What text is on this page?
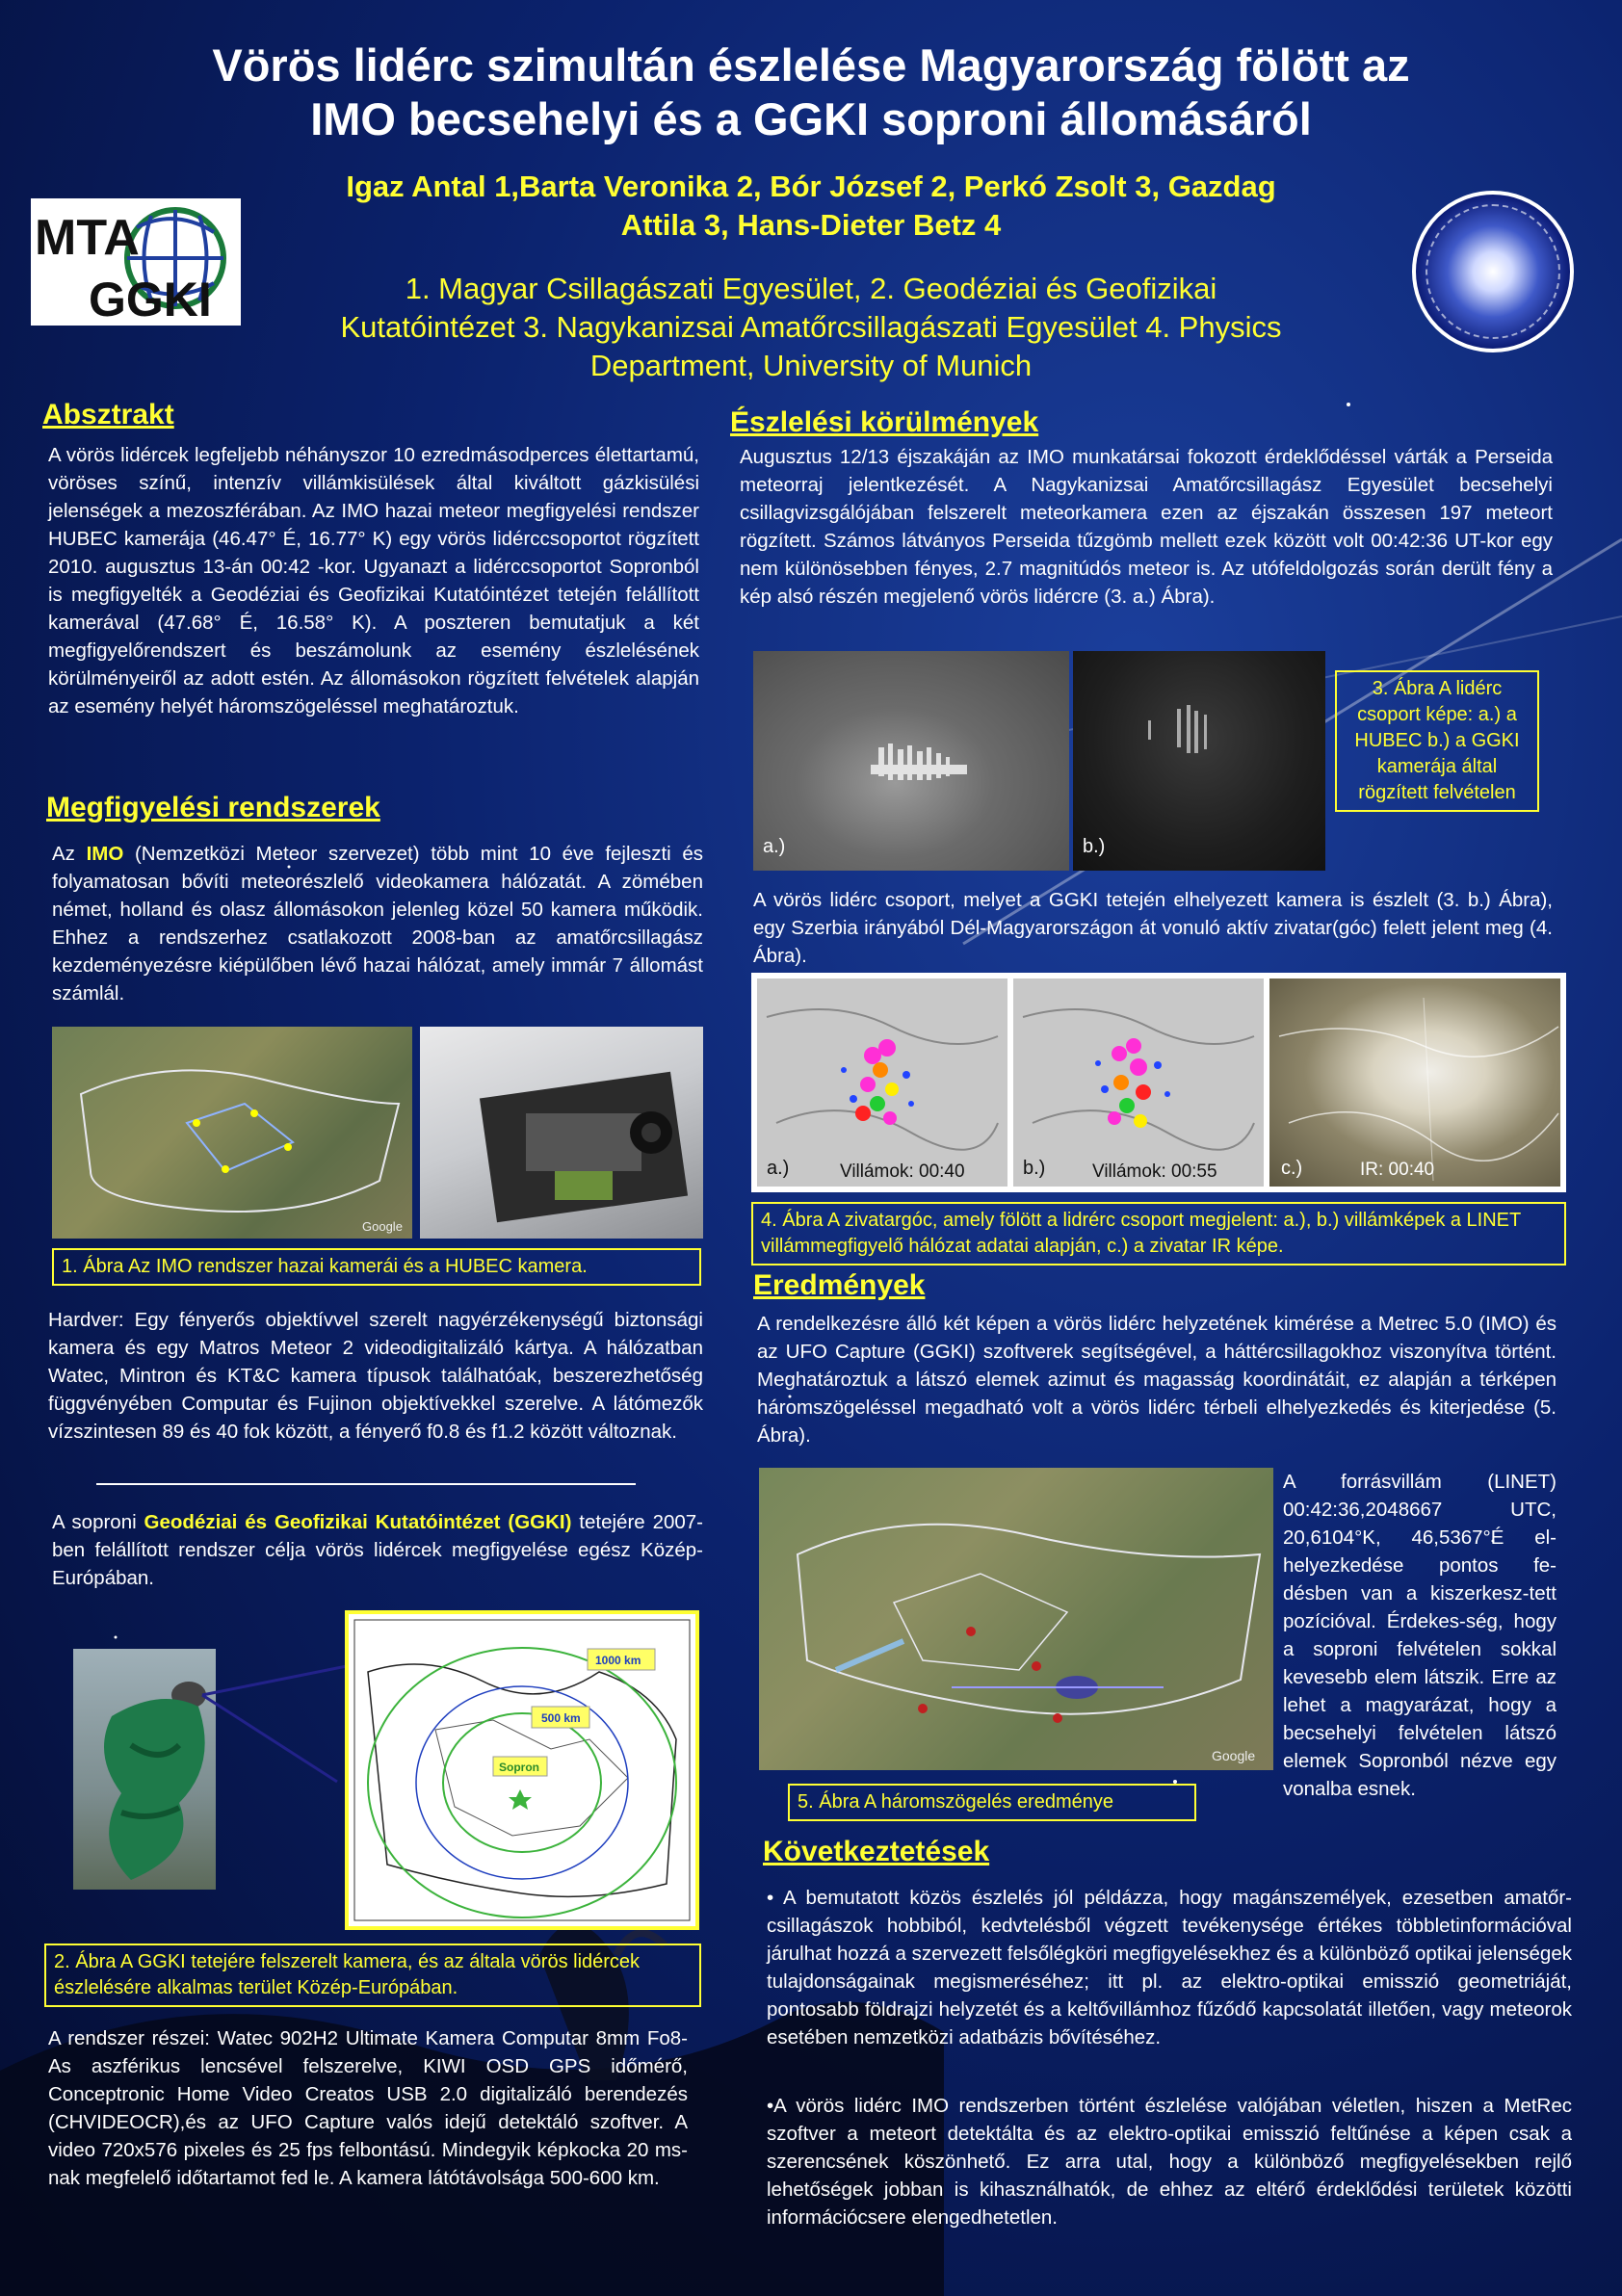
Vörös lidérc szimultán észlelése Magyarország fölött az
IMO becsehelyi és a GGKI soproni állomásáról
Igaz Antal 1,Barta Veronika 2, Bór József 2, Perkó Zsolt 3, Gazdag
Attila 3, Hans-Dieter Betz 4
1. Magyar Csillagászati Egyesület, 2. Geodéziai és Geofizikai
Kutatóintézet 3. Nagykanizsai Amatőrcsillagászati Egyesület 4. Physics
Department, University of Munich
MTA
GGKI
Absztrakt
A vörös lidércek legfeljebb néhányszor 10 ezredmásodperces élettartamú, vöröses színű, intenzív villámkisülések által kiváltott gázkisülési jelenségek a mezoszférában. Az IMO hazai meteor megfigyelési rendszer HUBEC kamerája (46.47° É, 16.77° K) egy vörös lidérccsoportot rögzített 2010. augusztus 13-án 00:42 -kor. Ugyanazt a lidérccsoportot Sopronból is megfigyelték a Geodéziai és Geofizikai Kutatóintézet tetején felállított kamerával (47.68° É, 16.58° K). A poszteren bemutatjuk a két megfigyelőrendszert és beszámolunk az esemény észlelésének körülményeiről az adott estén. Az állomásokon rögzített felvételek alapján az esemény helyét háromszögeléssel meghatároztuk.
Megfigyelési rendszerek
Az IMO (Nemzetközi Meteor szervezet) több mint 10 éve fejleszti és folyamatosan bővíti meteorészlelő videokamera hálózatát. A zömében német, holland és olasz állomásokon jelenleg közel 50 kamera működik. Ehhez a rendszerhez csatlakozott 2008-ban az amatőrcsillagász kezdeményezésre kiépülőben lévő hazai hálózat, amely immár 7 állomást számlál.
Google
1. Ábra Az IMO rendszer hazai kamerái és a HUBEC kamera.
Hardver: Egy fényerős objektívvel szerelt nagyérzékenységű biztonsági kamera és egy Matros Meteor 2 videodigitalizáló kártya. A hálózatban Watec, Mintron és KT&C kamera típusok találhatóak, beszerezhetőség függvényében Computar és Fujinon objektívekkel szerelve. A látómezők vízszintesen 89 és 40 fok között, a fényerő f0.8 és f1.2 között változnak.
A soproni Geodéziai és Geofizikai Kutatóintézet (GGKI) tetejére 2007-ben felállított rendszer célja vörös lidércek megfigyelése egész Közép-Európában.
1000 km
500 km
Sopron
2. Ábra A GGKI tetejére felszerelt kamera, és az általa vörös lidércek észlelésére alkalmas terület Közép-Európában.
A rendszer részei: Watec 902H2 Ultimate Kamera Computar 8mm Fo8-As aszférikus lencsével felszerelve, KIWI OSD GPS időmérő, Conceptronic Home Video Creatos USB 2.0 digitalizáló berendezés (CHVIDEOCR),és az UFO Capture valós idejű detektáló szoftver. A video 720x576 pixeles és 25 fps felbontású. Mindegyik képkocka 20 ms-nak megfelelő időtartamot fed le. A kamera látótávolsága 500-600 km.
Észlelési körülmények
Augusztus 12/13 éjszakáján az IMO munkatársai fokozott érdeklődéssel várták a Perseida meteorraj jelentkezését. A Nagykanizsai Amatőrcsillagász Egyesület becsehelyi csillagvizsgálójában felszerelt meteorkamera ezen az éjszakán összesen 197 meteort rögzített. Számos látványos Perseida tűzgömb mellett ezek között volt 00:42:36 UT-kor egy nem különösebben fényes, 2.7 magnitúdós meteor is. Az utófeldolgozás során derült fény a kép alsó részén megjelenő vörös lidércre (3. a.) Ábra).
a.)	b.)
3. Ábra A lidérc csoport képe: a.) a HUBEC b.) a GGKI kamerája által rögzített felvételen
A vörös lidérc csoport, melyet a GGKI tetején elhelyezett kamera is észlelt (3. b.) Ábra), egy Szerbia irányából Dél-Magyarországon át vonuló aktív zivatar(góc) felett jelent meg (4. Ábra).
a.)	Villámok: 00:40	b.)	Villámok: 00:55	c.)	IR: 00:40
4. Ábra A zivatargóc, amely fölött a lidrérc csoport megjelent: a.), b.) villámképek a LINET villámmegfigyelő hálózat adatai alapján, c.) a zivatar IR képe.
Eredmények
A rendelkezésre álló két képen a vörös lidérc helyzetének kimérése a Metrec 5.0 (IMO) és az UFO Capture (GGKI) szoftverek segítségével, a háttércsillagokhoz viszonyítva történt. Meghatároztuk a látszó elemek azimut és magasság koordinátáit, ez alapján a térképen háromszögeléssel megadható volt a vörös lidérc térbeli elhelyezkedés és kiterjedése (5. Ábra).
Google
5. Ábra A háromszögelés eredménye
A forrásvillám (LINET) 00:42:36,2048667 UTC, 20,6104°K, 46,5367°É el-helyezkedése pontos fe-désben van a kiszerkesz-tett pozícióval. Érdekes-ség, hogy a soproni felvételen sokkal kevesebb elem látszik. Erre az lehet a magyarázat, hogy a becsehelyi felvételen látszó elemek Sopronból nézve egy vonalba esnek.
Következtetések
• A bemutatott közös észlelés jól példázza, hogy magánszemélyek, ezesetben amatőr-csillagászok hobbiból, kedvtelésből végzett tevékenysége értékes többletinformációval járulhat hozzá a szervezett felsőlégköri megfigyelésekhez és a különböző optikai jelenségek tulajdonságainak megismeréséhez; itt pl. az elektro-optikai emisszió geometriáját, pontosabb földrajzi helyzetét és a keltővillámhoz fűződő kapcsolatát illetően, vagy meteorok esetében nemzetközi adatbázis bővítéséhez.
•A vörös lidérc IMO rendszerben történt észlelése valójában véletlen, hiszen a MetRec szoftver a meteort detektálta és az elektro-optikai emisszió feltűnése a képen csak a szerencsének köszönhető. Ez arra utal, hogy a különböző megfigyelésekben rejlő lehetőségek jobban is kihasználhatók, de ehhez az eltérő érdeklődési területek közötti információcsere elengedhetetlen.
